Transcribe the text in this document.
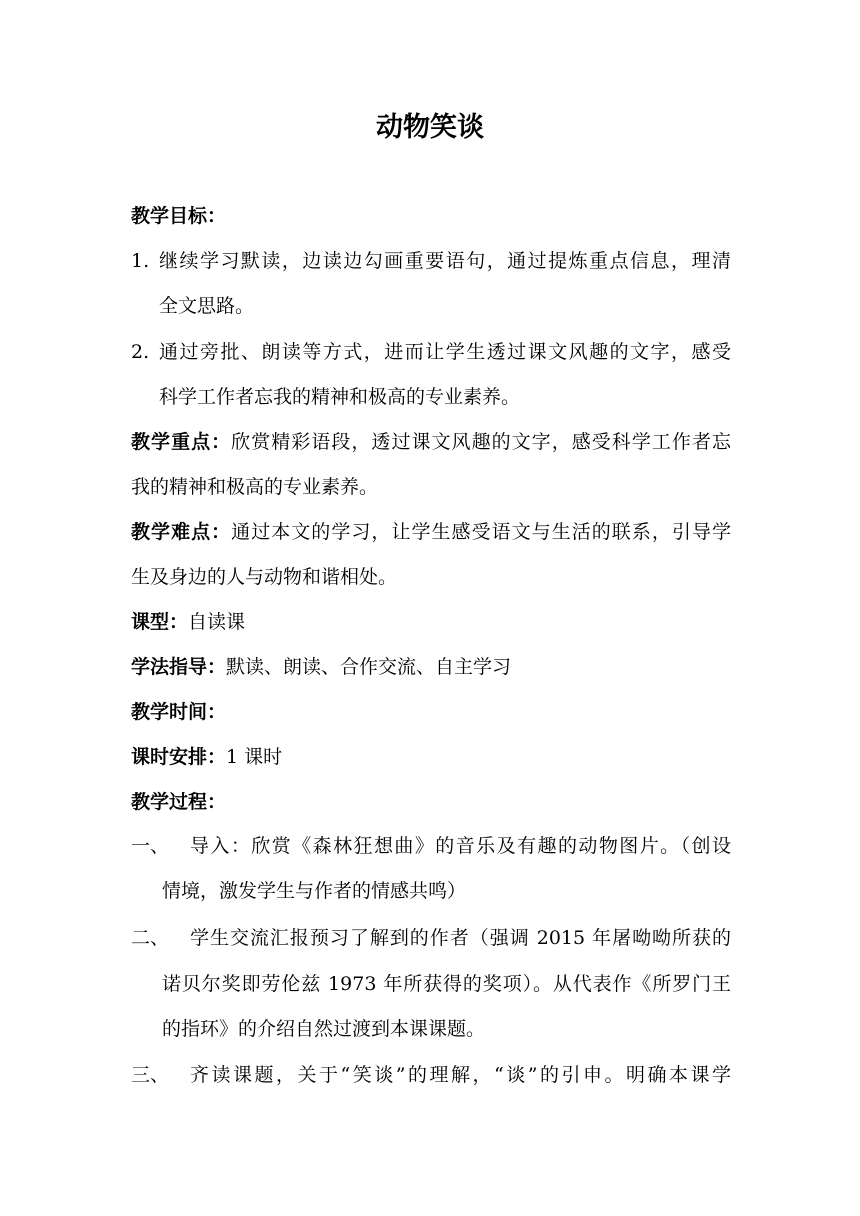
动物笑谈
教学目标：
1. 继续学习默读，边读边勾画重要语句，通过提炼重点信息，理清
全文思路。
2. 通过旁批、朗读等方式，进而让学生透过课文风趣的文字，感受
科学工作者忘我的精神和极高的专业素养。
教学重点：欣赏精彩语段，透过课文风趣的文字，感受科学工作者忘
我的精神和极高的专业素养。
教学难点：通过本文的学习，让学生感受语文与生活的联系，引导学
生及身边的人与动物和谐相处。
课型：自读课
学法指导：默读、朗读、合作交流、自主学习
教学时间：
课时安排：1 课时
教学过程：
一、 导入：欣赏《森林狂想曲》的音乐及有趣的动物图片。（创设
情境，激发学生与作者的情感共鸣）
二、 学生交流汇报预习了解到的作者（强调 2015 年屠呦呦所获的
诺贝尔奖即劳伦兹 1973 年所获得的奖项）。从代表作《所罗门王
的指环》的介绍自然过渡到本课课题。
三、 齐读课题，关于“笑谈”的理解，“谈”的引申。明确本课学
